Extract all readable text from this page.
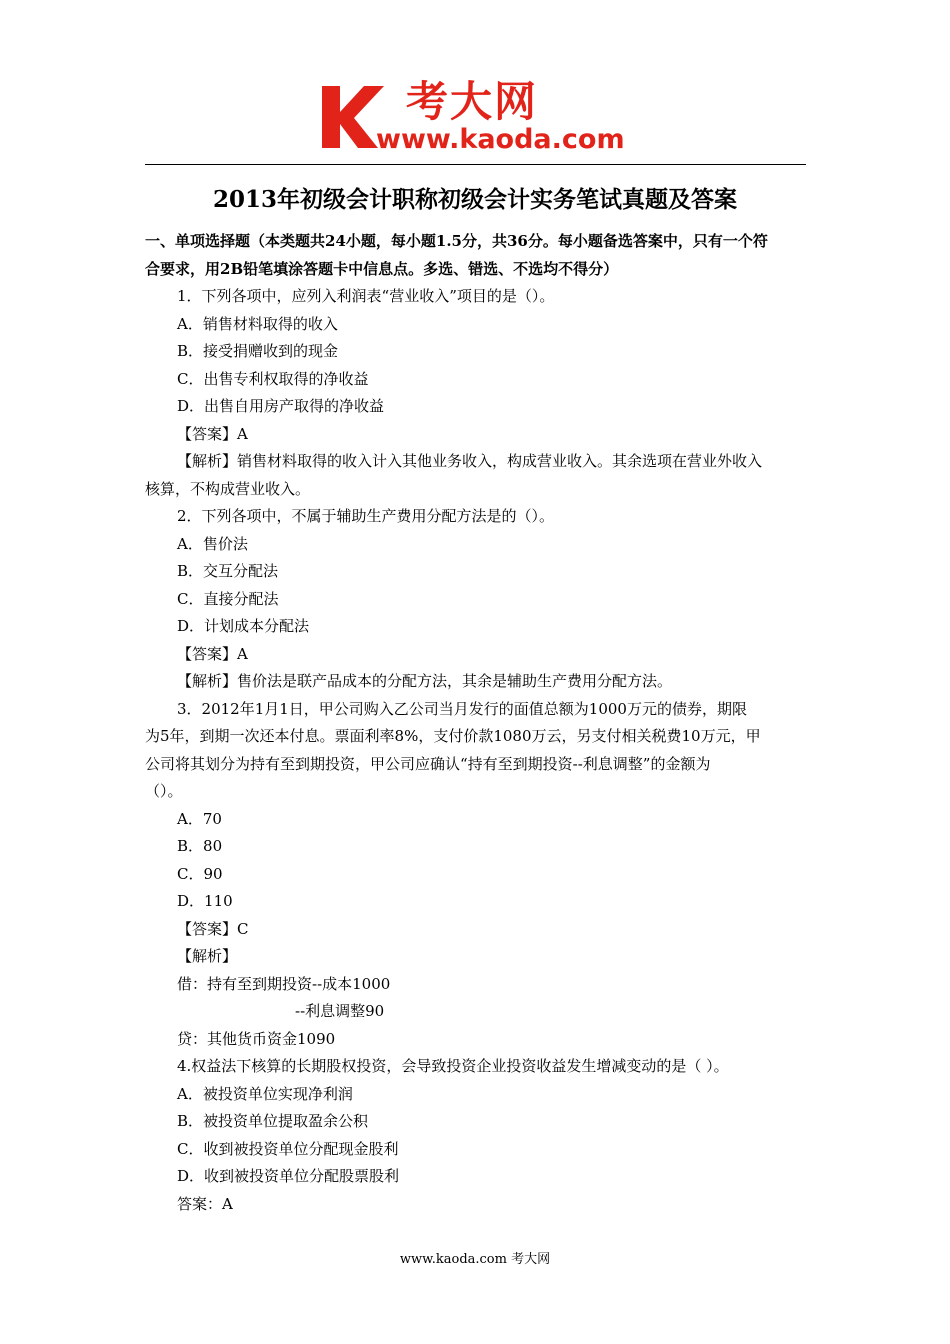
考大网
www.kaoda.com
2013年初级会计职称初级会计实务笔试真题及答案
一、单项选择题（本类题共24小题，每小题1.5分，共36分。每小题备选答案中，只有一个符
合要求，用2B铅笔填涂答题卡中信息点。多选、错选、不选均不得分）
1．下列各项中，应列入利润表“营业收入”项目的是（）。
A．销售材料取得的收入
B．接受捐赠收到的现金
C．出售专利权取得的净收益
D．出售自用房产取得的净收益
【答案】A
【解析】销售材料取得的收入计入其他业务收入，构成营业收入。其余选项在营业外收入
核算，不构成营业收入。
2．下列各项中，不属于辅助生产费用分配方法是的（）。
A．售价法
B．交互分配法
C．直接分配法
D．计划成本分配法
【答案】A
【解析】售价法是联产品成本的分配方法，其余是辅助生产费用分配方法。
3．2012年1月1日，甲公司购入乙公司当月发行的面值总额为1000万元的债券，期限
为5年，到期一次还本付息。票面利率8%，支付价款1080万云，另支付相关税费10万元，甲
公司将其划分为持有至到期投资，甲公司应确认“持有至到期投资--利息调整”的金额为
（）。
A．70
B．80
C．90
D．110
【答案】C
【解析】
借：持有至到期投资--成本1000
--利息调整90
贷：其他货币资金1090
4.权益法下核算的长期股权投资，会导致投资企业投资收益发生增减变动的是（ ）。
A．被投资单位实现净利润
B．被投资单位提取盈余公积
C．收到被投资单位分配现金股利
D．收到被投资单位分配股票股利
答案：A
www.kaoda.com 考大网
